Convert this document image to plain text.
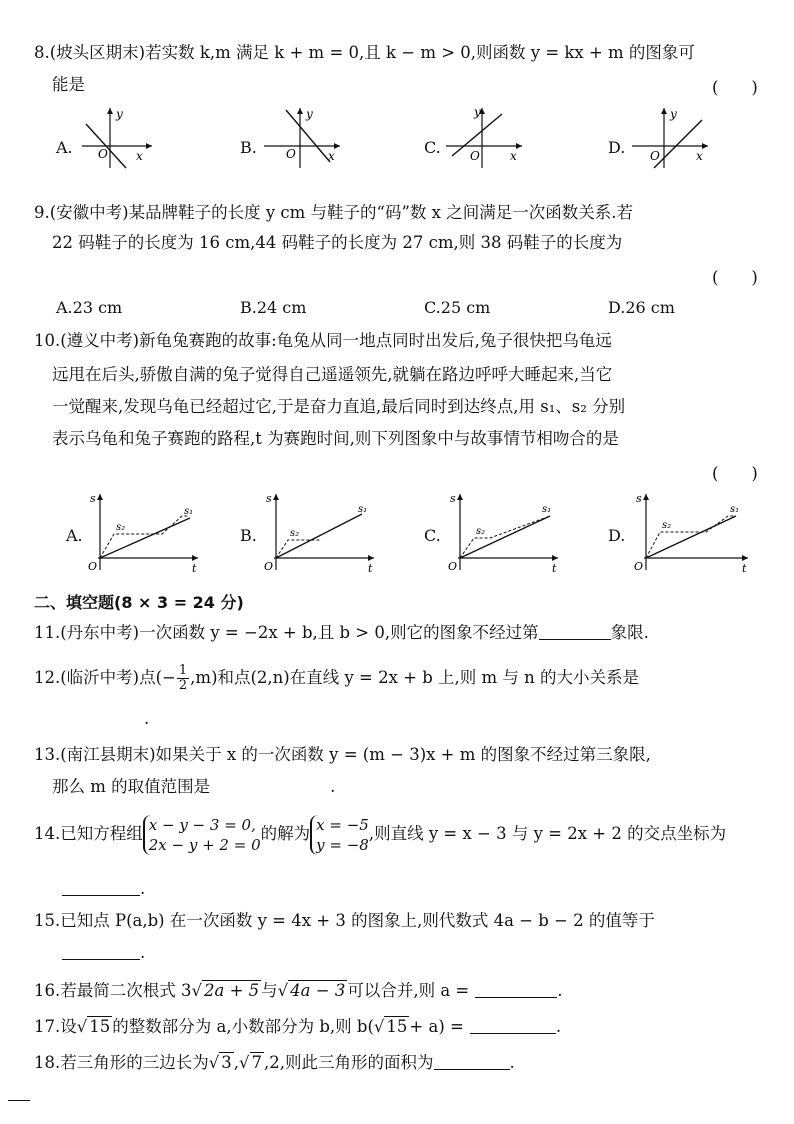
8.(坡头区期末)若实数 k,m 满足 k + m = 0,且 k − m > 0,则函数 y = kx + m 的图象可
能是	(　　)
A.	B.	C.	D.
y
x
O
y
x
O
y
x
O
y
x
O
9.(安徽中考)某品牌鞋子的长度 y cm 与鞋子的“码”数 x 之间满足一次函数关系.若
22 码鞋子的长度为 16 cm,44 码鞋子的长度为 27 cm,则 38 码鞋子的长度为
(　　)
A.23 cm	B.24 cm	C.25 cm	D.26 cm
10.(遵义中考)新龟兔赛跑的故事:龟兔从同一地点同时出发后,兔子很快把乌龟远
远甩在后头,骄傲自满的兔子觉得自己遥遥领先,就躺在路边呼呼大睡起来,当它
一觉醒来,发现乌龟已经超过它,于是奋力直追,最后同时到达终点,用 s₁、s₂ 分别
表示乌龟和兔子赛跑的路程,t 为赛跑时间,则下列图象中与故事情节相吻合的是
(　　)
A.	B.	C.	D.
s
t
O
s₂
s₁
s
t
O
s₂
s₁
s
t
O
s₂
s₁
s
t
O
s₂
s₁
二、填空题(8 × 3 = 24 分)
11.(丹东中考)一次函数 y = −2x + b,且 b > 0,则它的图象不经过第	象限.
12.(临沂中考)点(− $\frac{1}{2} ,m$)和点(2,n)在直线 y = 2x + b 上,则 m 与 n 的大小关系是
.
13.(南江县期末)如果关于 x 的一次函数 y = (m − 3)x + m 的图象不经过第三象限,
那么 m 的取值范围是	.
14.已知方程组 x − y − 3 = 0,
2x − y + 2 = 0
的解为 x = −5
y = −8
,则直线 y = x − 3 与 y = 2x + 2 的交点坐标为
.
15.已知点 P(a,b) 在一次函数 y = 4x + 3 的图象上,则代数式 4a − b − 2 的值等于
.
16.若最简二次根式 3√ 2a + 5 与√ 4a − 3 可以合并,则 a =	.
17.设√ 15 的整数部分为 a,小数部分为 b,则 b(√ 15 + a) =	.
18.若三角形的三边长为√ 3 ,√ 7 ,2,则此三角形的面积为	.
